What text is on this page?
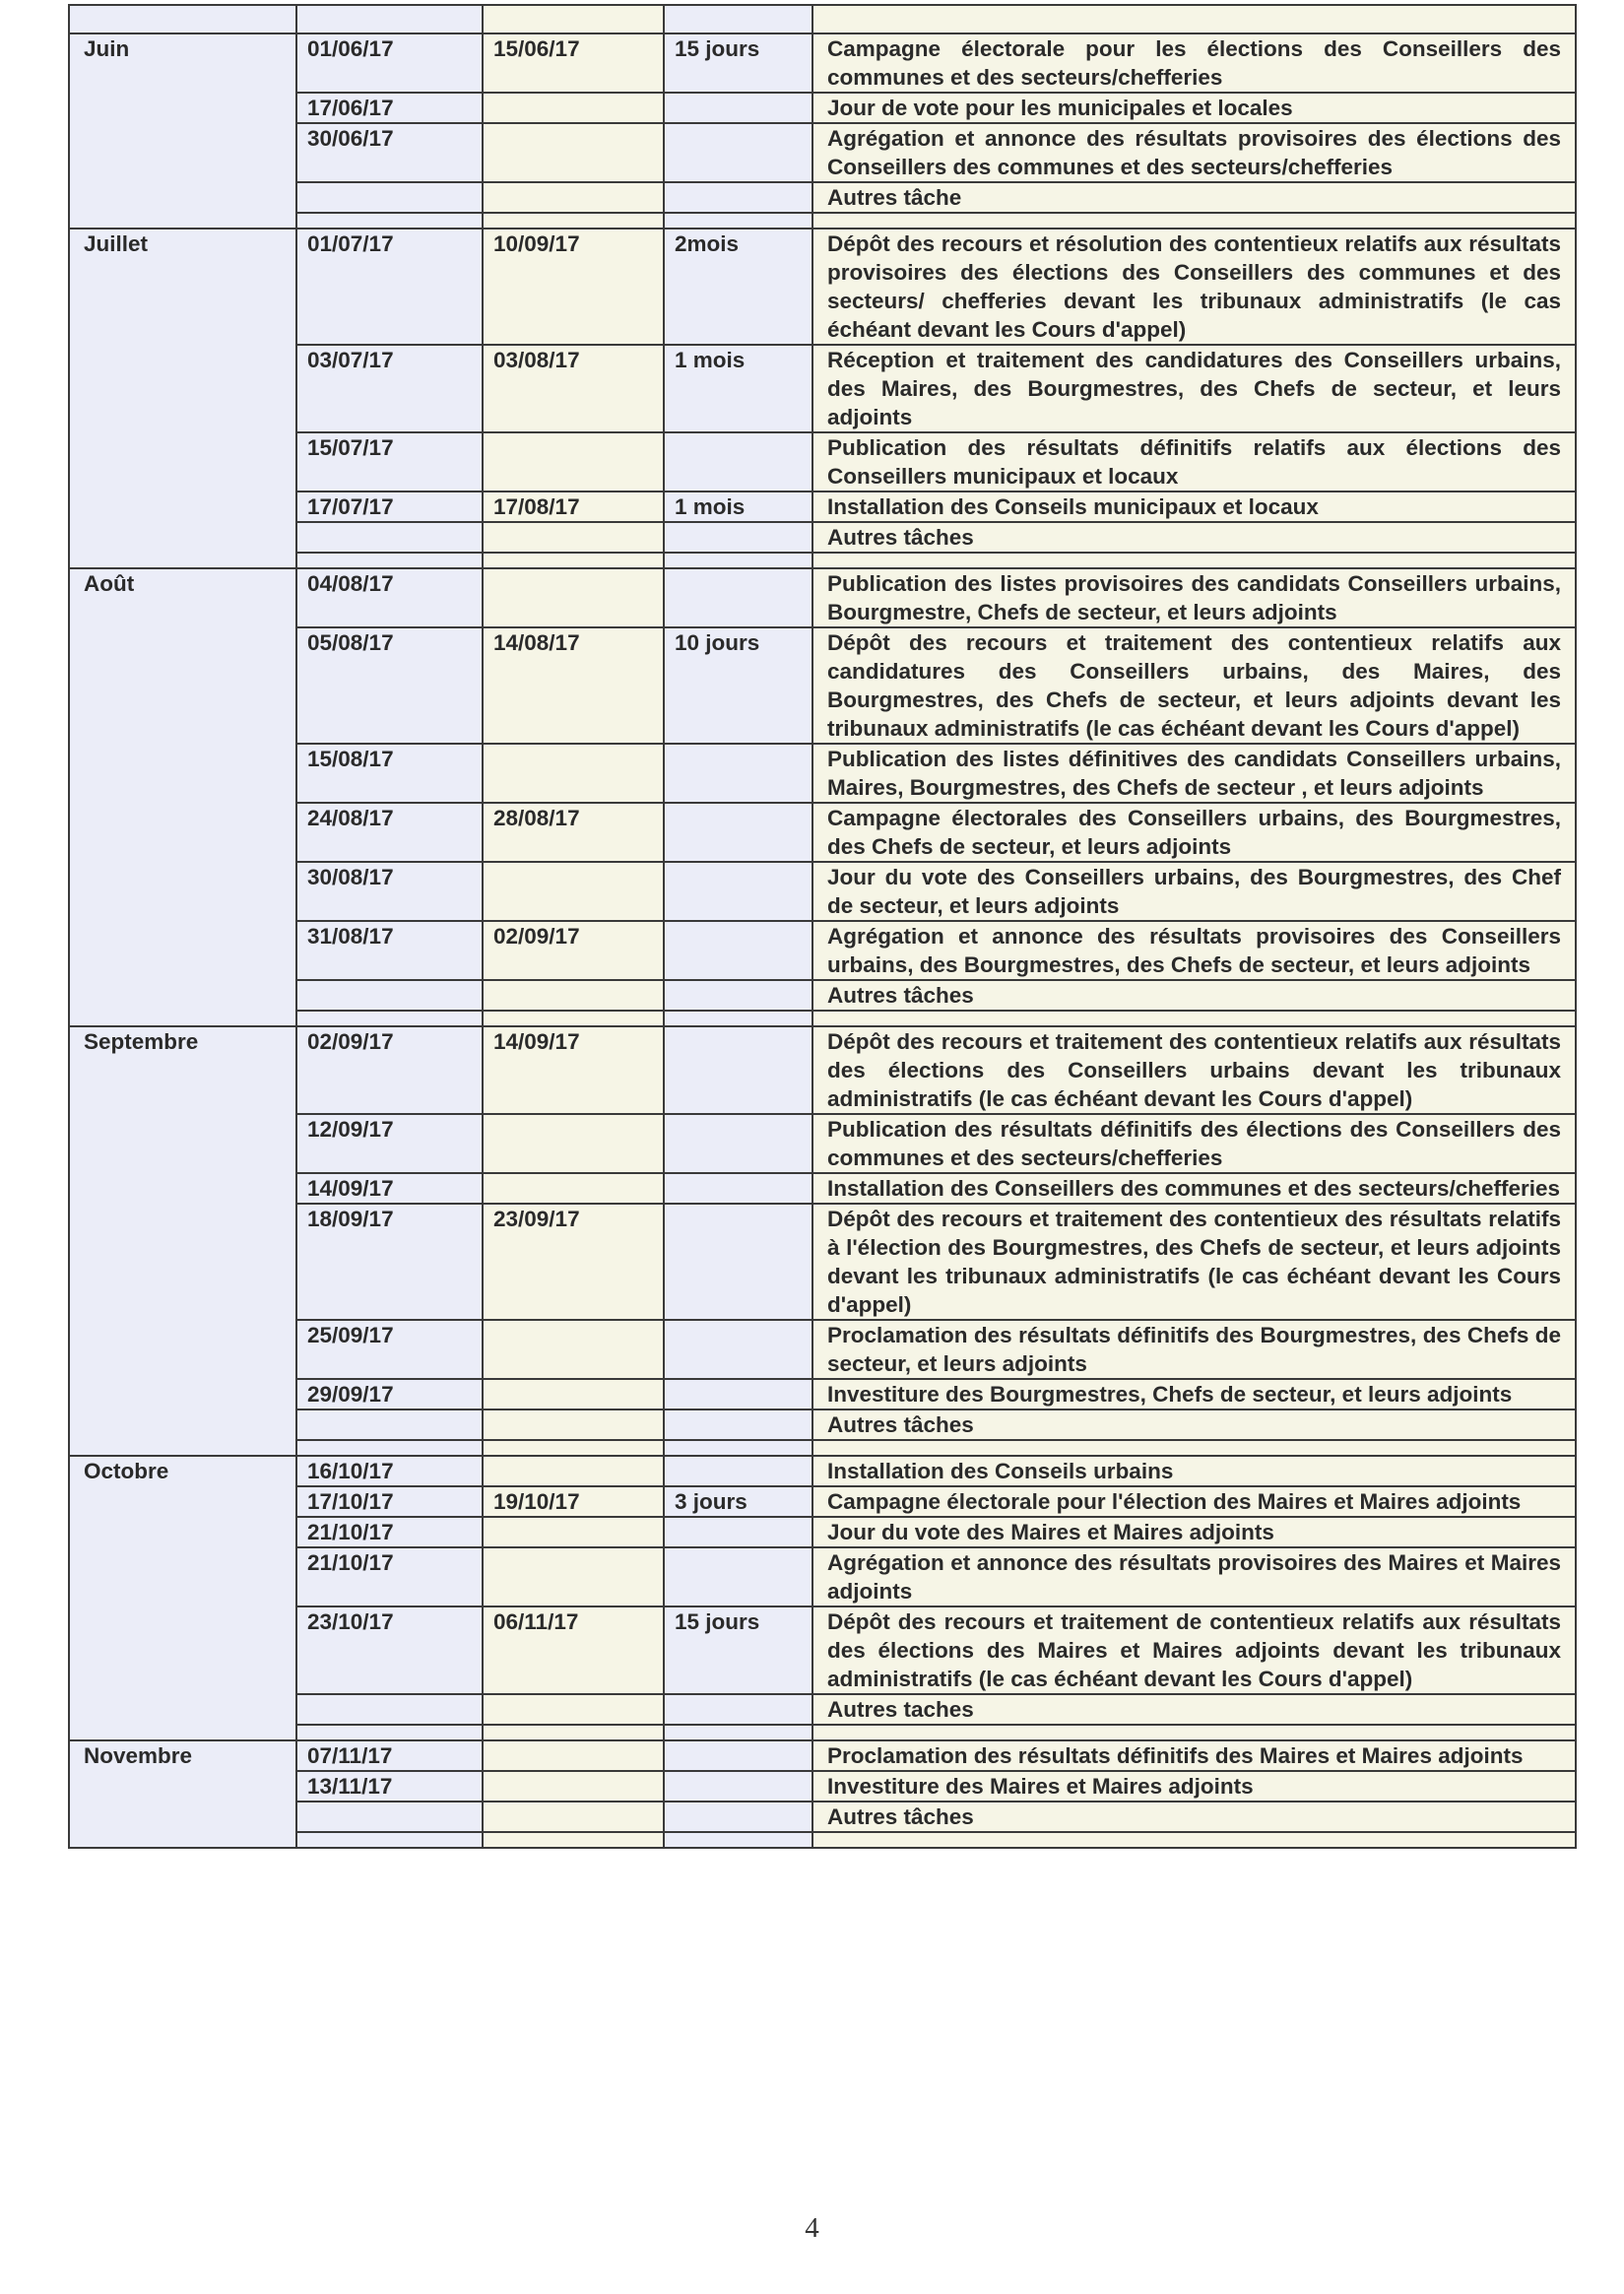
Juin	01/06/17	15/06/17	15 jours	Campagne électorale pour les élections des Conseillers des communes et des secteurs/chefferies
	17/06/17			Jour de vote pour les municipales et locales
	30/06/17			Agrégation et annonce des résultats provisoires des élections des Conseillers des communes et des secteurs/chefferies
				Autres tâche

Juillet	01/07/17	10/09/17	2mois	Dépôt des recours et résolution des contentieux relatifs aux résultats provisoires des élections des Conseillers des communes et des secteurs/ chefferies devant les tribunaux administratifs (le cas échéant devant les Cours d'appel)
	03/07/17	03/08/17	1 mois	Réception et traitement des candidatures des Conseillers urbains, des Maires, des Bourgmestres, des Chefs de secteur, et leurs adjoints
	15/07/17			Publication des résultats définitifs relatifs aux élections des Conseillers municipaux et locaux
	17/07/17	17/08/17	1 mois	Installation des Conseils municipaux et locaux
				Autres tâches

Août	04/08/17			Publication des listes provisoires des candidats Conseillers urbains, Bourgmestre, Chefs de secteur, et leurs adjoints
	05/08/17	14/08/17	10 jours	Dépôt des recours et traitement des contentieux relatifs aux candidatures des Conseillers urbains, des Maires, des Bourgmestres, des Chefs de secteur, et leurs adjoints devant les tribunaux administratifs (le cas échéant devant les Cours d'appel)
	15/08/17			Publication des listes définitives des candidats Conseillers urbains, Maires, Bourgmestres, des Chefs de secteur , et leurs adjoints
	24/08/17	28/08/17		Campagne électorales des Conseillers urbains, des Bourgmestres, des Chefs de secteur, et leurs adjoints
	30/08/17			Jour du vote des Conseillers urbains, des Bourgmestres, des Chef de secteur, et leurs adjoints
	31/08/17	02/09/17		Agrégation et annonce des résultats provisoires des Conseillers urbains, des Bourgmestres, des Chefs de secteur, et leurs adjoints
				Autres tâches

Septembre	02/09/17	14/09/17		Dépôt des recours et traitement des contentieux relatifs aux résultats des élections des Conseillers urbains devant les tribunaux administratifs (le cas échéant devant les Cours d'appel)
	12/09/17			Publication des résultats définitifs des élections des Conseillers des communes et des secteurs/chefferies
	14/09/17			Installation des Conseillers des communes et des secteurs/chefferies
	18/09/17	23/09/17		Dépôt des recours et traitement des contentieux des résultats relatifs à l'élection des Bourgmestres, des Chefs de secteur, et leurs adjoints devant les tribunaux administratifs (le cas échéant devant les Cours d'appel)
	25/09/17			Proclamation des résultats définitifs des Bourgmestres, des Chefs de secteur, et leurs adjoints
	29/09/17			Investiture des Bourgmestres, Chefs de secteur, et leurs adjoints
				Autres tâches

Octobre	16/10/17			Installation des Conseils urbains
	17/10/17	19/10/17	3 jours	Campagne électorale pour l'élection des Maires et Maires adjoints
	21/10/17			Jour du vote des Maires et Maires adjoints
	21/10/17			Agrégation et annonce des résultats provisoires des Maires et Maires adjoints
	23/10/17	06/11/17	15 jours	Dépôt des recours et traitement de contentieux relatifs aux résultats des élections des Maires et Maires adjoints devant les tribunaux administratifs (le cas échéant devant les Cours d'appel)
				Autres taches

Novembre	07/11/17			Proclamation des résultats définitifs des Maires et Maires adjoints
	13/11/17			Investiture des Maires et Maires adjoints
				Autres tâches

4
